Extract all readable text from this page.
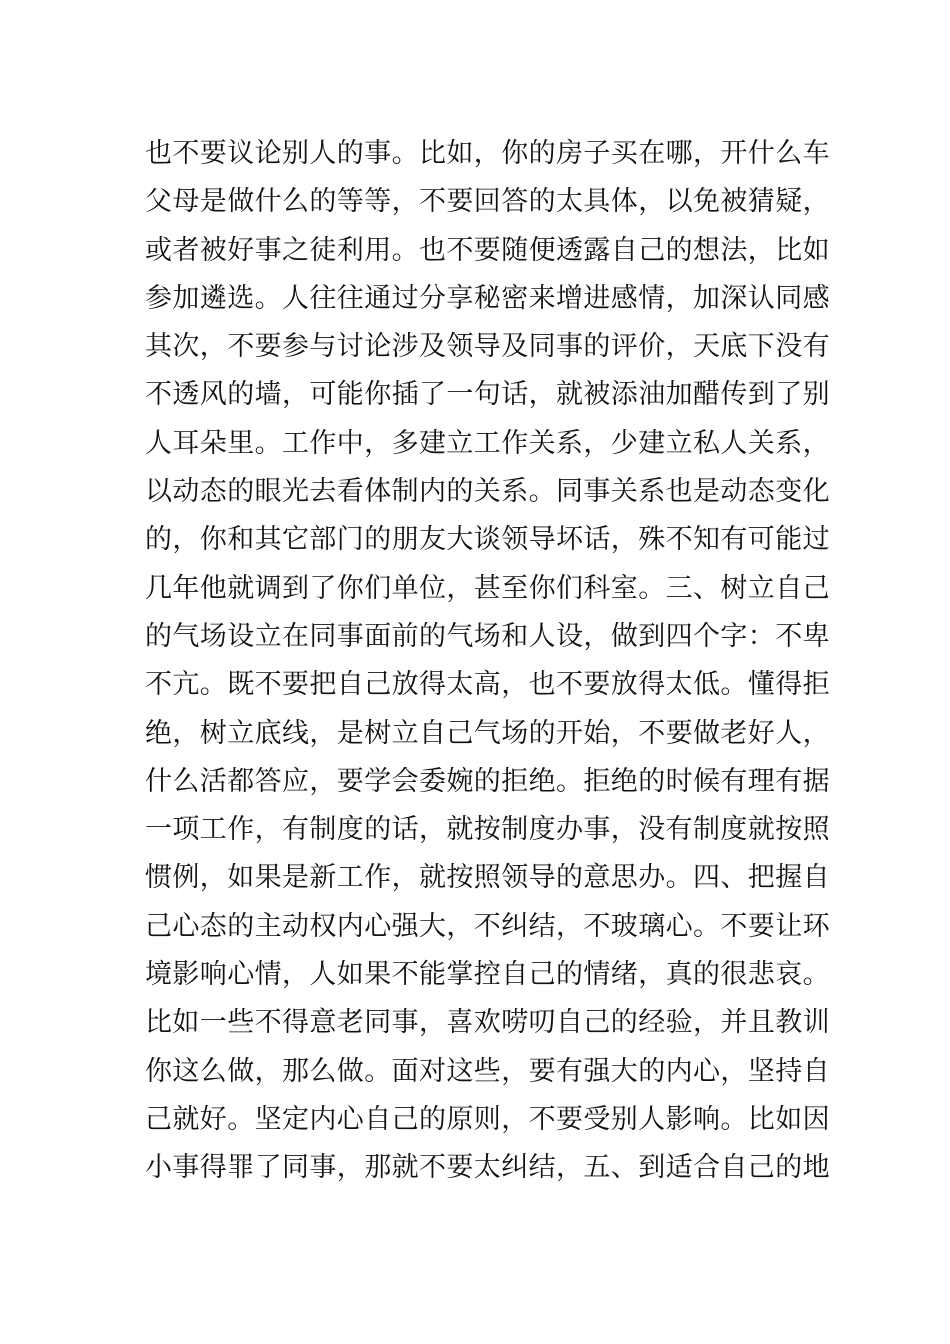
也不要议论别人的事。比如，你的房子买在哪，开什么车
父母是做什么的等等，不要回答的太具体，以免被猜疑，
或者被好事之徒利用。也不要随便透露自己的想法，比如
参加遴选。人往往通过分享秘密来增进感情，加深认同感
其次，不要参与讨论涉及领导及同事的评价，天底下没有
不透风的墙，可能你插了一句话，就被添油加醋传到了别
人耳朵里。工作中，多建立工作关系，少建立私人关系，
以动态的眼光去看体制内的关系。同事关系也是动态变化
的，你和其它部门的朋友大谈领导坏话，殊不知有可能过
几年他就调到了你们单位，甚至你们科室。三、树立自己
的气场设立在同事面前的气场和人设，做到四个字：不卑
不亢。既不要把自己放得太高，也不要放得太低。懂得拒
绝，树立底线，是树立自己气场的开始，不要做老好人，
什么活都答应，要学会委婉的拒绝。拒绝的时候有理有据
一项工作，有制度的话，就按制度办事，没有制度就按照
惯例，如果是新工作，就按照领导的意思办。四、把握自
己心态的主动权内心强大，不纠结，不玻璃心。不要让环
境影响心情，人如果不能掌控自己的情绪，真的很悲哀。
比如一些不得意老同事，喜欢唠叨自己的经验，并且教训
你这么做，那么做。面对这些，要有强大的内心，坚持自
己就好。坚定内心自己的原则，不要受别人影响。比如因
小事得罪了同事，那就不要太纠结，五、到适合自己的地
